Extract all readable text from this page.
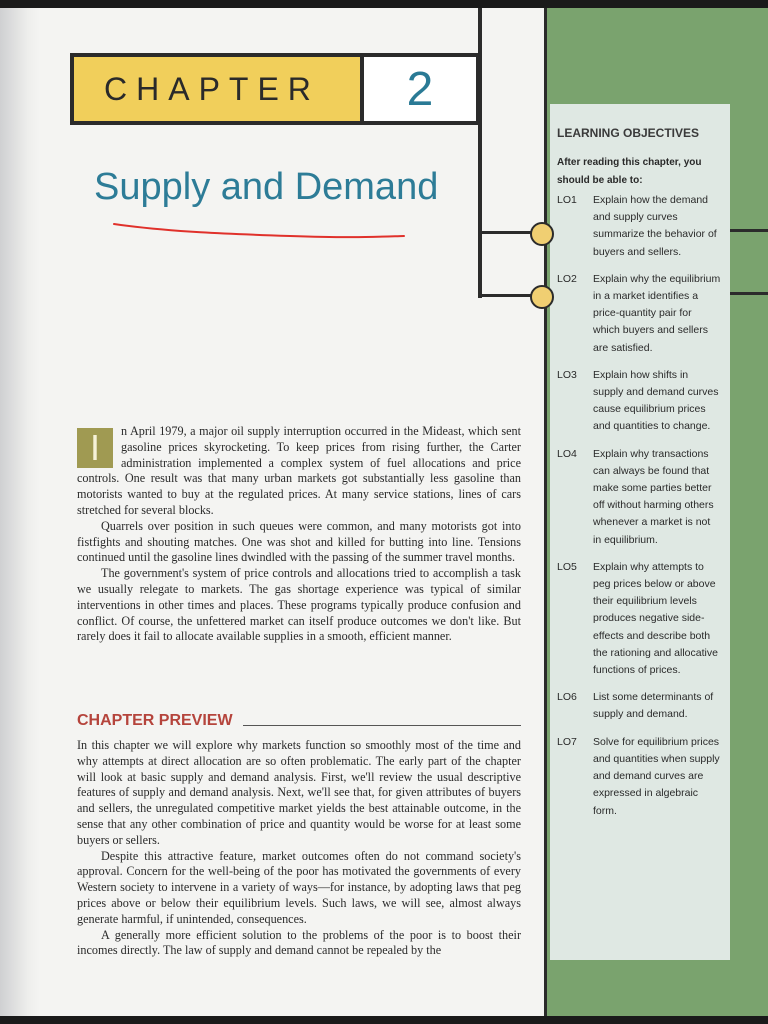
CHAPTER 2
Supply and Demand
I	n April 1979, a major oil supply interruption occurred in the Mideast, which sent gasoline prices skyrocketing. To keep prices from rising further, the Carter administration implemented a complex system of fuel allocations and price controls. One result was that many urban markets got substantially less gasoline than motorists wanted to buy at the regulated prices. At many service stations, lines of cars stretched for several blocks.

Quarrels over position in such queues were common, and many motorists got into fistfights and shouting matches. One was shot and killed for butting into line. Tensions continued until the gasoline lines dwindled with the passing of the summer travel months.

The government's system of price controls and allocations tried to accomplish a task we usually relegate to markets. The gas shortage experience was typical of similar interventions in other times and places. These programs typically produce confusion and conflict. Of course, the unfettered market can itself produce outcomes we don't like. But rarely does it fail to allocate available supplies in a smooth, efficient manner.

CHAPTER PREVIEW

In this chapter we will explore why markets function so smoothly most of the time and why attempts at direct allocation are so often problematic. The early part of the chapter will look at basic supply and demand analysis. First, we'll review the usual descriptive features of supply and demand analysis. Next, we'll see that, for given attributes of buyers and sellers, the unregulated competitive market yields the best attainable outcome, in the sense that any other combination of price and quantity would be worse for at least some buyers or sellers.

Despite this attractive feature, market outcomes often do not command society's approval. Concern for the well-being of the poor has motivated the governments of every Western society to intervene in a variety of ways—for instance, by adopting laws that peg prices above or below their equilibrium levels. Such laws, we will see, almost always generate harmful, if unintended, consequences.

A generally more efficient solution to the problems of the poor is to boost their incomes directly. The law of supply and demand cannot be repealed by the

LEARNING OBJECTIVES
After reading this chapter, you should be able to:
LO1	Explain how the demand and supply curves summarize the behavior of buyers and sellers.
LO2	Explain why the equilibrium in a market identifies a price-quantity pair for which buyers and sellers are satisfied.
LO3	Explain how shifts in supply and demand curves cause equilibrium prices and quantities to change.
LO4	Explain why transactions can always be found that make some parties better off without harming others whenever a market is not in equilibrium.
LO5	Explain why attempts to peg prices below or above their equilibrium levels produces negative side-effects and describe both the rationing and allocative functions of prices.
LO6	List some determinants of supply and demand.
LO7	Solve for equilibrium prices and quantities when supply and demand curves are expressed in algebraic form.
